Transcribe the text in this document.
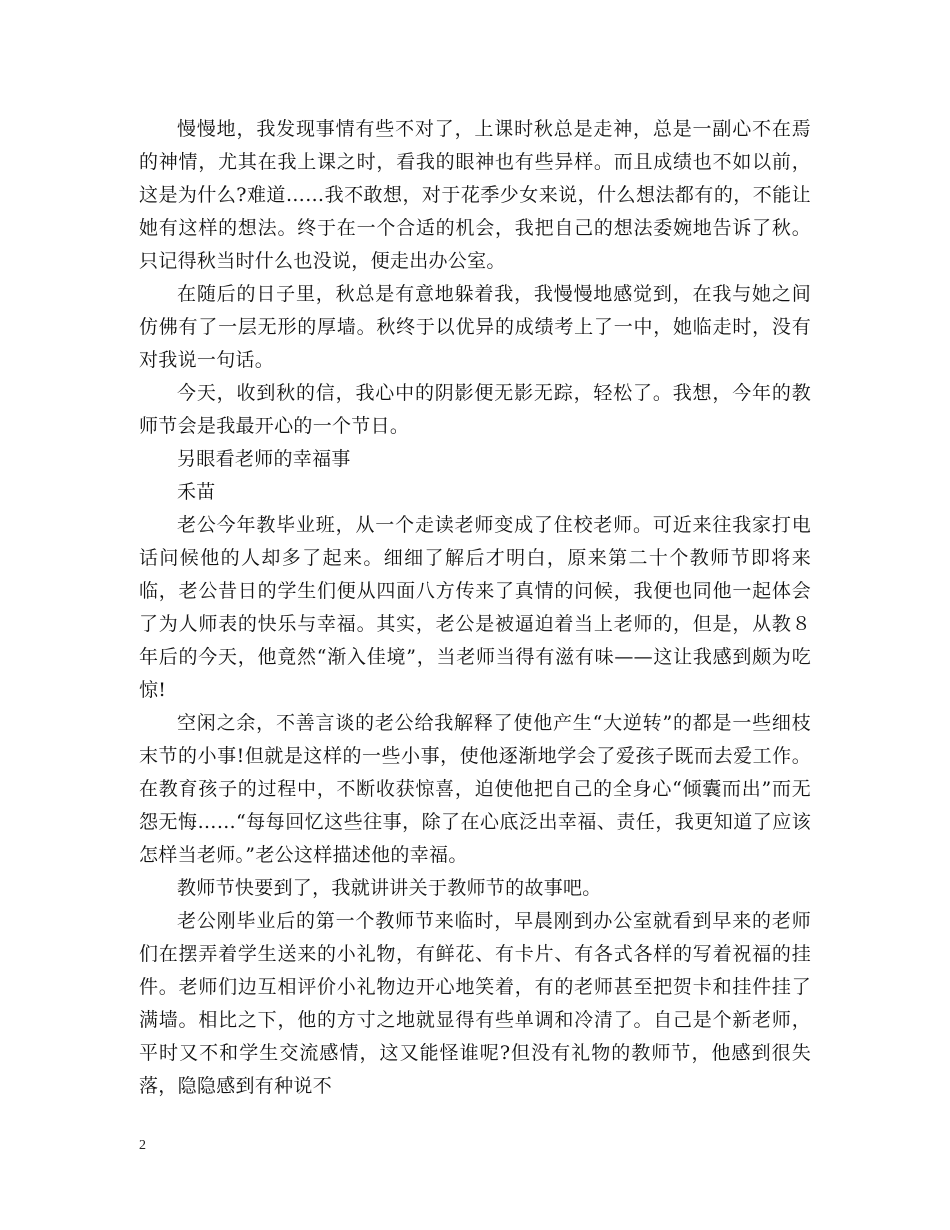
慢慢地，我发现事情有些不对了，上课时秋总是走神，总是一副心不在焉的神情，尤其在我上课之时，看我的眼神也有些异样。而且成绩也不如以前，这是为什么?难道……我不敢想，对于花季少女来说，什么想法都有的，不能让她有这样的想法。终于在一个合适的机会，我把自己的想法委婉地告诉了秋。只记得秋当时什么也没说，便走出办公室。

在随后的日子里，秋总是有意地躲着我，我慢慢地感觉到，在我与她之间仿佛有了一层无形的厚墙。秋终于以优异的成绩考上了一中，她临走时，没有对我说一句话。

今天，收到秋的信，我心中的阴影便无影无踪，轻松了。我想，今年的教师节会是我最开心的一个节日。

另眼看老师的幸福事

禾苗

老公今年教毕业班，从一个走读老师变成了住校老师。可近来往我家打电话问候他的人却多了起来。细细了解后才明白，原来第二十个教师节即将来临，老公昔日的学生们便从四面八方传来了真情的问候，我便也同他一起体会了为人师表的快乐与幸福。其实，老公是被逼迫着当上老师的，但是，从教８年后的今天，他竟然“渐入佳境”，当老师当得有滋有味——这让我感到颇为吃惊!

空闲之余，不善言谈的老公给我解释了使他产生“大逆转”的都是一些细枝末节的小事!但就是这样的一些小事，使他逐渐地学会了爱孩子既而去爱工作。在教育孩子的过程中，不断收获惊喜，迫使他把自己的全身心“倾囊而出”而无怨无悔……“每每回忆这些往事，除了在心底泛出幸福、责任，我更知道了应该怎样当老师。”老公这样描述他的幸福。

教师节快要到了，我就讲讲关于教师节的故事吧。

老公刚毕业后的第一个教师节来临时，早晨刚到办公室就看到早来的老师们在摆弄着学生送来的小礼物，有鲜花、有卡片、有各式各样的写着祝福的挂件。老师们边互相评价小礼物边开心地笑着，有的老师甚至把贺卡和挂件挂了满墙。相比之下，他的方寸之地就显得有些单调和冷清了。自己是个新老师，平时又不和学生交流感情，这又能怪谁呢?但没有礼物的教师节，他感到很失落，隐隐感到有种说不

2
